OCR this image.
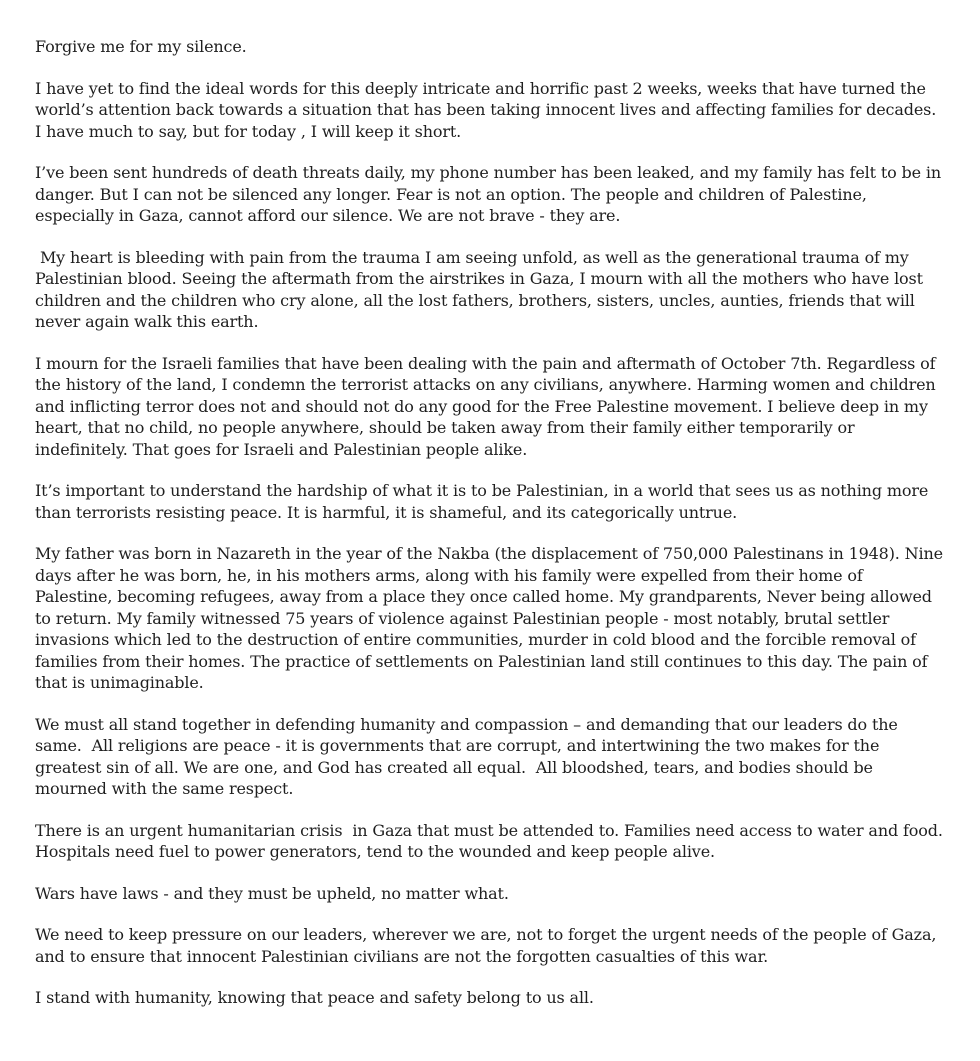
Forgive me for my silence.

I have yet to find the ideal words for this deeply intricate and horrific past 2 weeks, weeks that have turned the world’s attention back towards a situation that has been taking innocent lives and affecting families for decades. I have much to say, but for today , I will keep it short.

I’ve been sent hundreds of death threats daily, my phone number has been leaked, and my family has felt to be in danger. But I can not be silenced any longer. Fear is not an option. The people and children of Palestine, especially in Gaza, cannot afford our silence. We are not brave - they are.

My heart is bleeding with pain from the trauma I am seeing unfold, as well as the generational trauma of my Palestinian blood. Seeing the aftermath from the airstrikes in Gaza, I mourn with all the mothers who have lost children and the children who cry alone, all the lost fathers, brothers, sisters, uncles, aunties, friends that will never again walk this earth.

I mourn for the Israeli families that have been dealing with the pain and aftermath of October 7th. Regardless of the history of the land, I condemn the terrorist attacks on any civilians, anywhere. Harming women and children and inflicting terror does not and should not do any good for the Free Palestine movement. I believe deep in my heart, that no child, no people anywhere, should be taken away from their family either temporarily or indefinitely. That goes for Israeli and Palestinian people alike.

It’s important to understand the hardship of what it is to be Palestinian, in a world that sees us as nothing more than terrorists resisting peace. It is harmful, it is shameful, and its categorically untrue.

My father was born in Nazareth in the year of the Nakba (the displacement of 750,000 Palestinans in 1948). Nine days after he was born, he, in his mothers arms, along with his family were expelled from their home of Palestine, becoming refugees, away from a place they once called home. My grandparents, Never being allowed to return. My family witnessed 75 years of violence against Palestinian people - most notably, brutal settler invasions which led to the destruction of entire communities, murder in cold blood and the forcible removal of families from their homes. The practice of settlements on Palestinian land still continues to this day. The pain of that is unimaginable.

We must all stand together in defending humanity and compassion – and demanding that our leaders do the same.  All religions are peace - it is governments that are corrupt, and intertwining the two makes for the greatest sin of all. We are one, and God has created all equal.  All bloodshed, tears, and bodies should be mourned with the same respect.

There is an urgent humanitarian crisis  in Gaza that must be attended to. Families need access to water and food. Hospitals need fuel to power generators, tend to the wounded and keep people alive.

Wars have laws - and they must be upheld, no matter what.

We need to keep pressure on our leaders, wherever we are, not to forget the urgent needs of the people of Gaza, and to ensure that innocent Palestinian civilians are not the forgotten casualties of this war.

I stand with humanity, knowing that peace and safety belong to us all.
